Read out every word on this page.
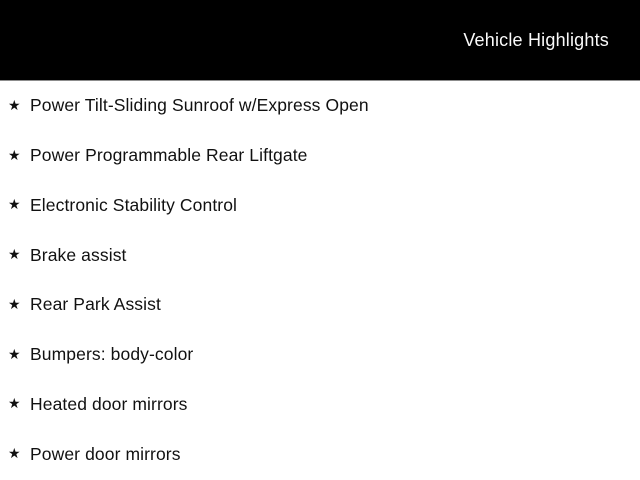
Vehicle Highlights
★ Power Tilt-Sliding Sunroof w/Express Open
★ Power Programmable Rear Liftgate
★ Electronic Stability Control
★ Brake assist
★ Rear Park Assist
★ Bumpers: body-color
★ Heated door mirrors
★ Power door mirrors
